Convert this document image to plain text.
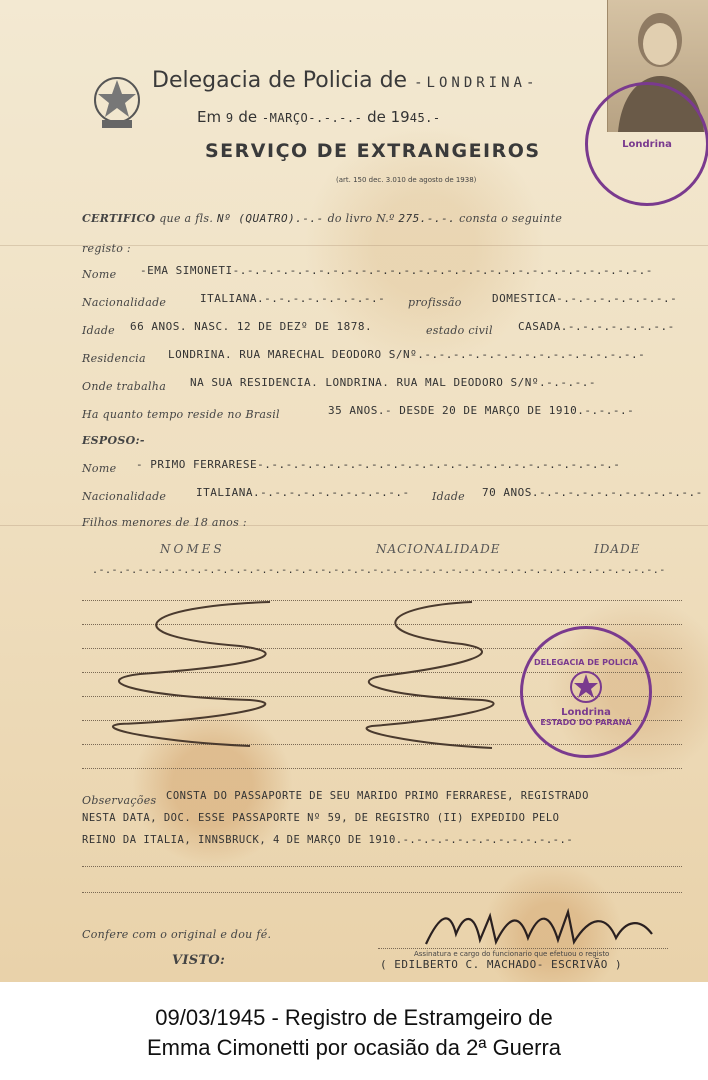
Delegacia de Policia de -LONDRINA-
Em 9 de -MARÇO-.-.-.- de 1945.-
SERVIÇO DE EXTRANGEIROS
(art. 150 dec. 3.010 de agosto de 1938)
CERTIFICO que a fls. Nº (QUATRO).-.- do livro N.º 275.-.-. consta o seguinte
registo :
Nome -EMA SIMONETI-.-.-.-.-.-.-.-.-.-.-.-.-.-.-.-.-.-.-.-.-.-.-.-.-.-.-.-.-.-
Nacionalidade	ITALIANA.-.-.-.-.-.-.-.-.- profissão	DOMESTICA-.-.-.-.-.-.-.-.-
Idade 66 ANOS. NASC. 12 DE DEZº DE 1878.	estado civil CASADA.-.-.-.-.-.-.-.-
Residencia LONDRINA. RUA MARECHAL DEODORO S/Nº.-.-.-.-.-.-.-.-.-.-.-.-.-.-.-.-
Onde trabalha NA SUA RESIDENCIA. LONDRINA. RUA MAL DEODORO S/Nº.-.-.-.-
Ha quanto tempo reside no Brasil	35 ANOS.- DESDE 20 DE MARÇO DE 1910.-.-.-.-
ESPOSO:-
Nome - PRIMO FERRARESE-.-.-.-.-.-.-.-.-.-.-.-.-.-.-.-.-.-.-.-.-.-.-.-.-.-
Nacionalidade	ITALIANA.-.-.-.-.-.-.-.-.-.-.- Idade 70 ANOS.-.-.-.-.-.-.-.-.-.-.-.-
Filhos menores de 18 anos :
NOMES	NACIONALIDADE	IDADE
.-.-.-.-.-.-.-.-.-.-.-.-.-.-.-.-.-.-.-.-.-.-.-.-.-.-.-.-.-.-.-.-.-.-.-.-.-.-.-.-.-.-.-.-
Observações CONSTA DO PASSAPORTE DE SEU MARIDO PRIMO FERRARESE, REGISTRADO
NESTA DATA, DOC. ESSE PASSAPORTE Nº 59, DE REGISTRO (II) EXPEDIDO PELO
REINO DA ITALIA, INNSBRUCK, 4 DE MARÇO DE 1910.-.-.-.-.-.-.-.-.-.-.-.-.-
Confere com o original e dou fé.
VISTO:	Assinatura e cargo do funcionario que efetuou o registo
( EDILBERTO C. MACHADO- ESCRIVÃO )
Londrina
DELEGACIA DE POLICIA
Londrina
ESTADO DO PARANÁ
09/03/1945 - Registro de Estramgeiro de
Emma Cimonetti por ocasião da 2ª Guerra
